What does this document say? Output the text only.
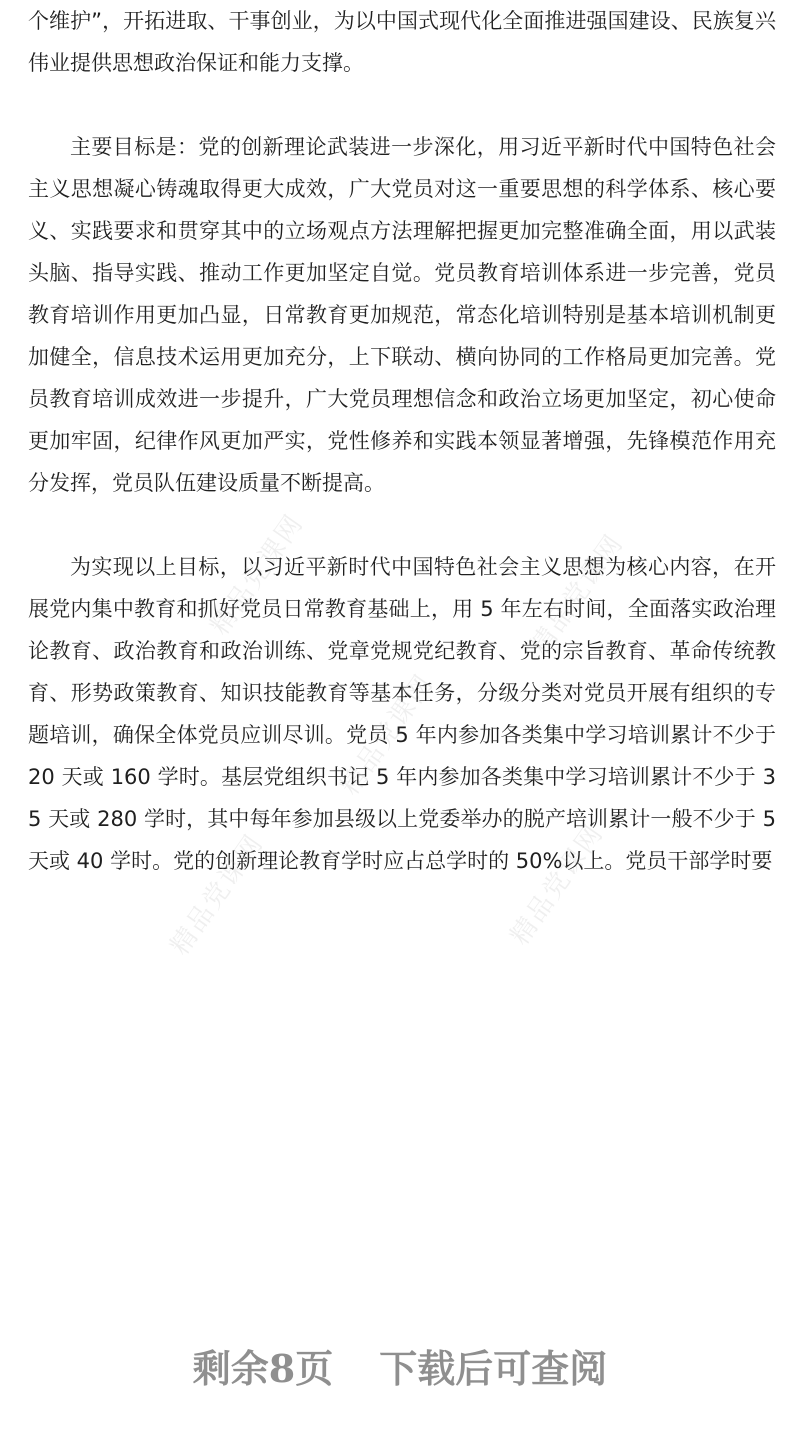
个维护”，开拓进取、干事创业，为以中国式现代化全面推进强国建设、民族复兴伟业提供思想政治保证和能力支撑。

主要目标是：党的创新理论武装进一步深化，用习近平新时代中国特色社会主义思想凝心铸魂取得更大成效，广大党员对这一重要思想的科学体系、核心要义、实践要求和贯穿其中的立场观点方法理解把握更加完整准确全面，用以武装头脑、指导实践、推动工作更加坚定自觉。党员教育培训体系进一步完善，党员教育培训作用更加凸显，日常教育更加规范，常态化培训特别是基本培训机制更加健全，信息技术运用更加充分，上下联动、横向协同的工作格局更加完善。党员教育培训成效进一步提升，广大党员理想信念和政治立场更加坚定，初心使命更加牢固，纪律作风更加严实，党性修养和实践本领显著增强，先锋模范作用充分发挥，党员队伍建设质量不断提高。

为实现以上目标，以习近平新时代中国特色社会主义思想为核心内容，在开展党内集中教育和抓好党员日常教育基础上，用 5 年左右时间，全面落实政治理论教育、政治教育和政治训练、党章党规党纪教育、党的宗旨教育、革命传统教育、形势政策教育、知识技能教育等基本任务，分级分类对党员开展有组织的专题培训，确保全体党员应训尽训。党员 5 年内参加各类集中学习培训累计不少于 20 天或 160 学时。基层党组织书记 5 年内参加各类集中学习培训累计不少于 35 天或 280 学时，其中每年参加县级以上党委举办的脱产培训累计一般不少于 5 天或 40 学时。党的创新理论教育学时应占总学时的 50%以上。党员干部学时要

精品党课网	精品党课网
精品党课网
精品党课网	精品党课网
剩余8页 下载后可查阅
